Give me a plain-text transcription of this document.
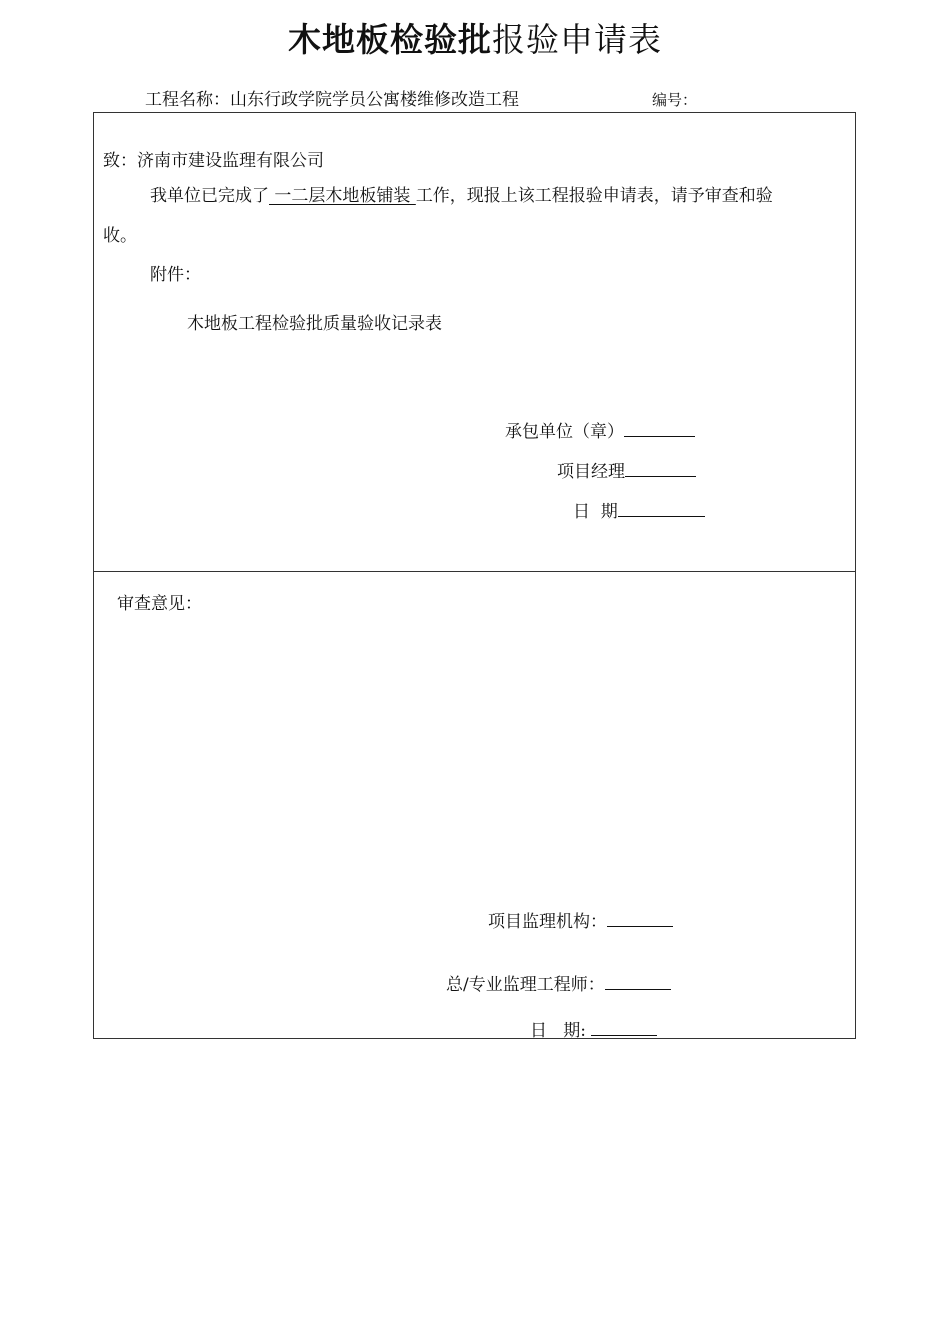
木地板检验批报验申请表
工程名称：山东行政学院学员公寓楼维修改造工程	编号：
致：济南市建设监理有限公司
我单位已完成了 一二层木地板铺装 工作，现报上该工程报验申请表，请予审查和验
收。
附件：
木地板工程检验批质量验收记录表
承包单位（章）
项目经理
日  期
审查意见：
项目监理机构：
总/专业监理工程师：
日   期:
